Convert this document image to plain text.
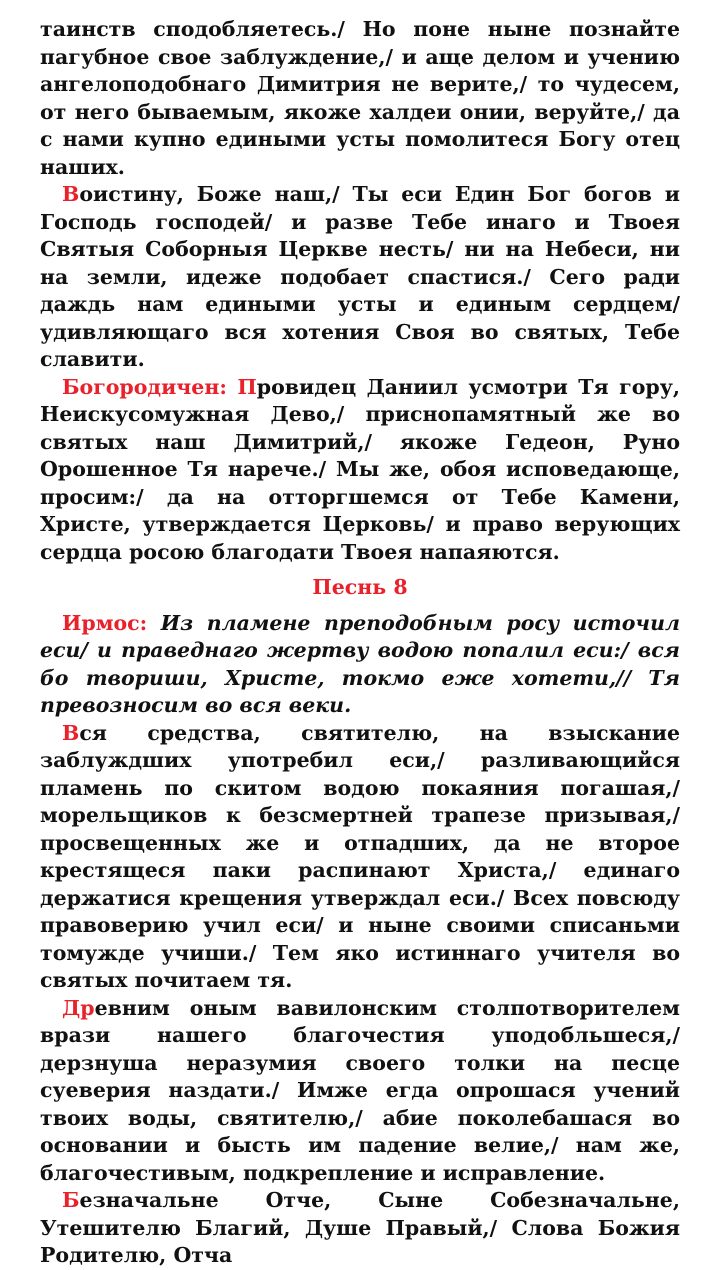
таинств сподобляетесь./ Но поне ныне познайте пагубное свое заблуждение,/ и аще делом и учению ангелоподобнаго Димитрия не верите,/ то чудесем, от него бываемым, якоже халдеи онии, веруйте,/ да с нами купно едиными усты помолитеся Богу отец наших.

Воистину, Боже наш,/ Ты еси Един Бог богов и Господь господей/ и разве Тебе инаго и Твоея Святыя Соборныя Церкве несть/ ни на Небеси, ни на земли, идеже подобает спастися./ Сего ради даждь нам едиными усты и единым сердцем/ удивляющаго вся хотения Своя во святых, Тебе славити.

Богородичен: Провидец Даниил усмотри Тя гору, Неискусомужная Дево,/ приснопамятный же во святых наш Димитрий,/ якоже Гедеон, Руно Орошенное Тя нарече./ Мы же, обоя исповедающе, просим:/ да на отторгшемся от Тебе Камени, Христе, утверждается Церковь/ и право верующих сердца росою благодати Твоея напаяются.

Песнь 8

Ирмос: Из пламене преподобным росу источил еси/ и праведнаго жертву водою попалил еси:/ вся бо твориши, Христе, токмо еже хотети,// Тя превозносим во вся веки.

Вся средства, святителю, на взыскание заблуждших употребил еси,/ разливающийся пламень по скитом водою покаяния погашая,/ морельщиков к безсмертней трапезе призывая,/ просвещенных же и отпадших, да не второе крестящеся паки распинают Христа,/ единаго держатися крещения утверждал еси./ Всех повсюду правоверию учил еси/ и ныне своими списаньми томужде учиши./ Тем яко истиннаго учителя во святых почитаем тя.

Древним оным вавилонским столпотворителем врази нашего благочестия уподобльшеся,/ дерзнуша неразумия своего толки на песце суеверия наздати./ Имже егда опрошася учений твоих воды, святителю,/ абие поколебашася во основании и бысть им падение велие,/ нам же, благочестивым, подкрепление и исправление.

Безначальне Отче, Сыне Собезначальне, Утешителю Благий, Душе Правый,/ Слова Божия Родителю, Отча
